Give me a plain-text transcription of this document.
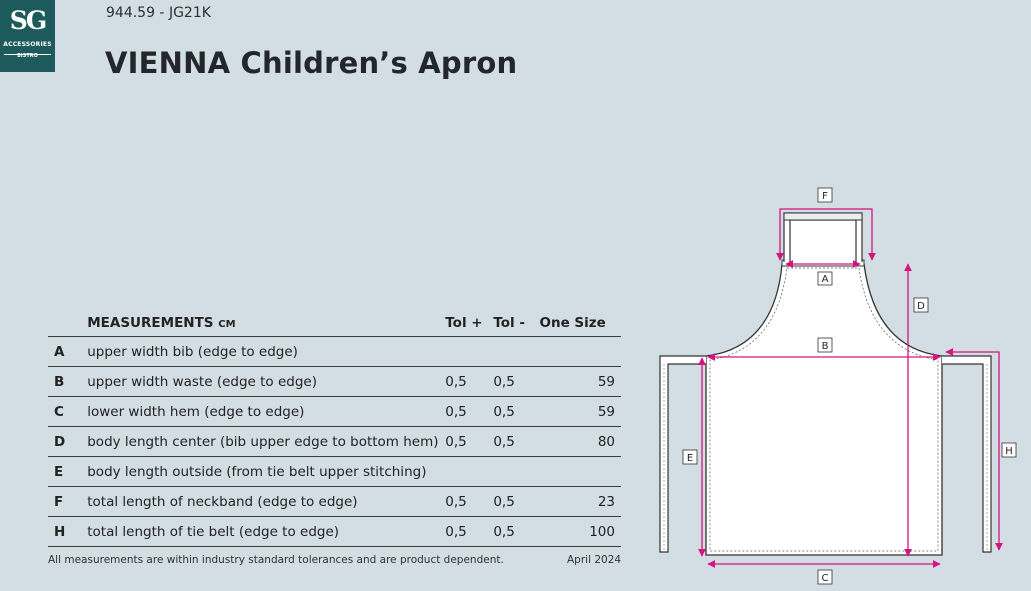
SG
ACCESSORIES
BISTRO
944.59 - JG21K
VIENNA Children’s Apron
	MEASUREMENTS CM	Tol +	Tol -	One Size
A	upper width bib (edge to edge)			
B	upper width waste (edge to edge)	0,5	0,5	59
C	lower width hem (edge to edge)	0,5	0,5	59
D	body length center (bib upper edge to bottom hem)	0,5	0,5	80
E	body length outside (from tie belt upper stitching)			
F	total length of neckband (edge to edge)	0,5	0,5	23
H	total length of tie belt (edge to edge)	0,5	0,5	100
All measurements are within industry standard tolerances and are product dependent.	April 2024
F
A
B
D
E
C
H
